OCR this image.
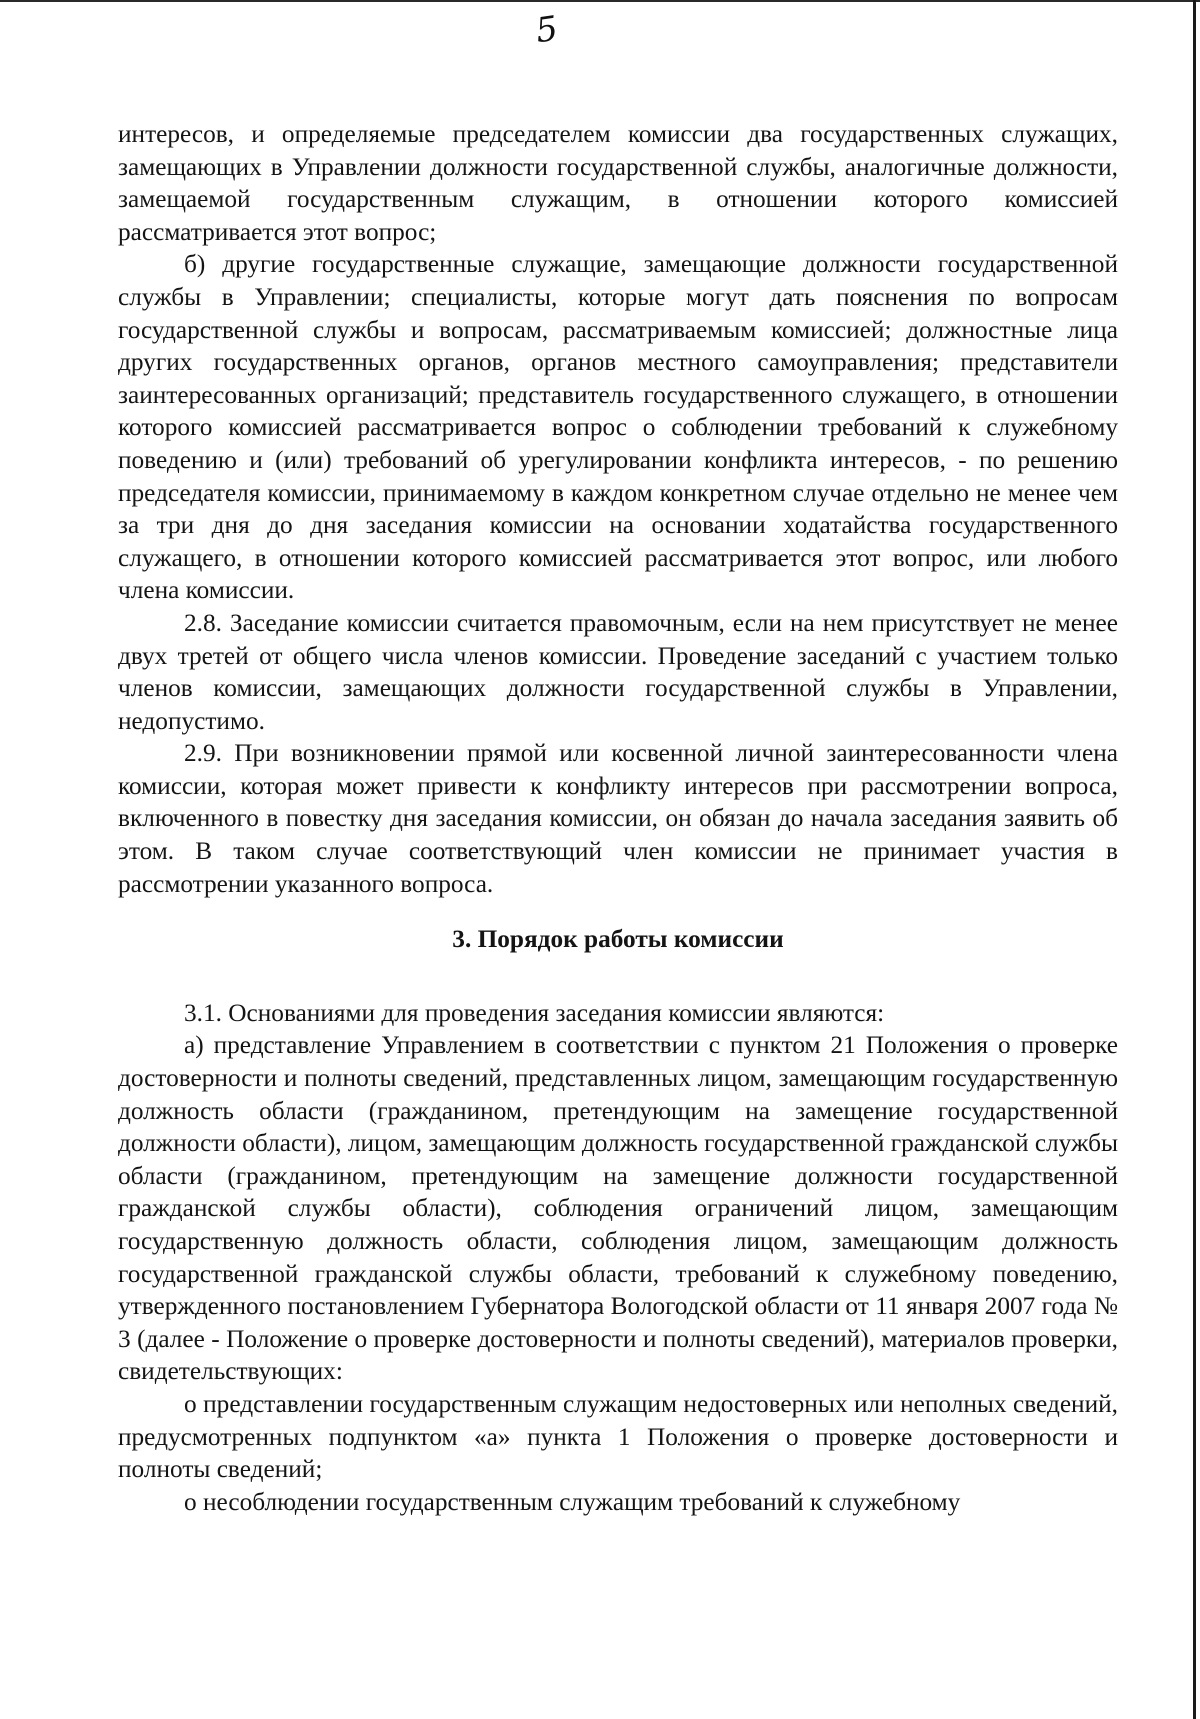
5

интересов, и определяемые председателем комиссии два государственных служащих, замещающих в Управлении должности государственной службы, аналогичные должности, замещаемой государственным служащим, в отношении которого комиссией рассматривается этот вопрос;

б) другие государственные служащие, замещающие должности государственной службы в Управлении; специалисты, которые могут дать пояснения по вопросам государственной службы и вопросам, рассматриваемым комиссией; должностные лица других государственных органов, органов местного самоуправления; представители заинтересованных организаций; представитель государственного служащего, в отношении которого комиссией рассматривается вопрос о соблюдении требований к служебному поведению и (или) требований об урегулировании конфликта интересов, - по решению председателя комиссии, принимаемому в каждом конкретном случае отдельно не менее чем за три дня до дня заседания комиссии на основании ходатайства государственного служащего, в отношении которого комиссией рассматривается этот вопрос, или любого члена комиссии.

2.8. Заседание комиссии считается правомочным, если на нем присутствует не менее двух третей от общего числа членов комиссии. Проведение заседаний с участием только членов комиссии, замещающих должности государственной службы в Управлении, недопустимо.

2.9. При возникновении прямой или косвенной личной заинтересованности члена комиссии, которая может привести к конфликту интересов при рассмотрении вопроса, включенного в повестку дня заседания комиссии, он обязан до начала заседания заявить об этом. В таком случае соответствующий член комиссии не принимает участия в рассмотрении указанного вопроса.

3. Порядок работы комиссии

3.1. Основаниями для проведения заседания комиссии являются:

а) представление Управлением в соответствии с пунктом 21 Положения о проверке достоверности и полноты сведений, представленных лицом, замещающим государственную должность области (гражданином, претендующим на замещение государственной должности области), лицом, замещающим должность государственной гражданской службы области (гражданином, претендующим на замещение должности государственной гражданской службы области), соблюдения ограничений лицом, замещающим государственную должность области, соблюдения лицом, замещающим должность государственной гражданской службы области, требований к служебному поведению, утвержденного постановлением Губернатора Вологодской области от 11 января 2007 года № 3 (далее - Положение о проверке достоверности и полноты сведений), материалов проверки, свидетельствующих:

о представлении государственным служащим недостоверных или неполных сведений, предусмотренных подпунктом «а» пункта 1 Положения о проверке достоверности и полноты сведений;

о несоблюдении государственным служащим требований к служебному
